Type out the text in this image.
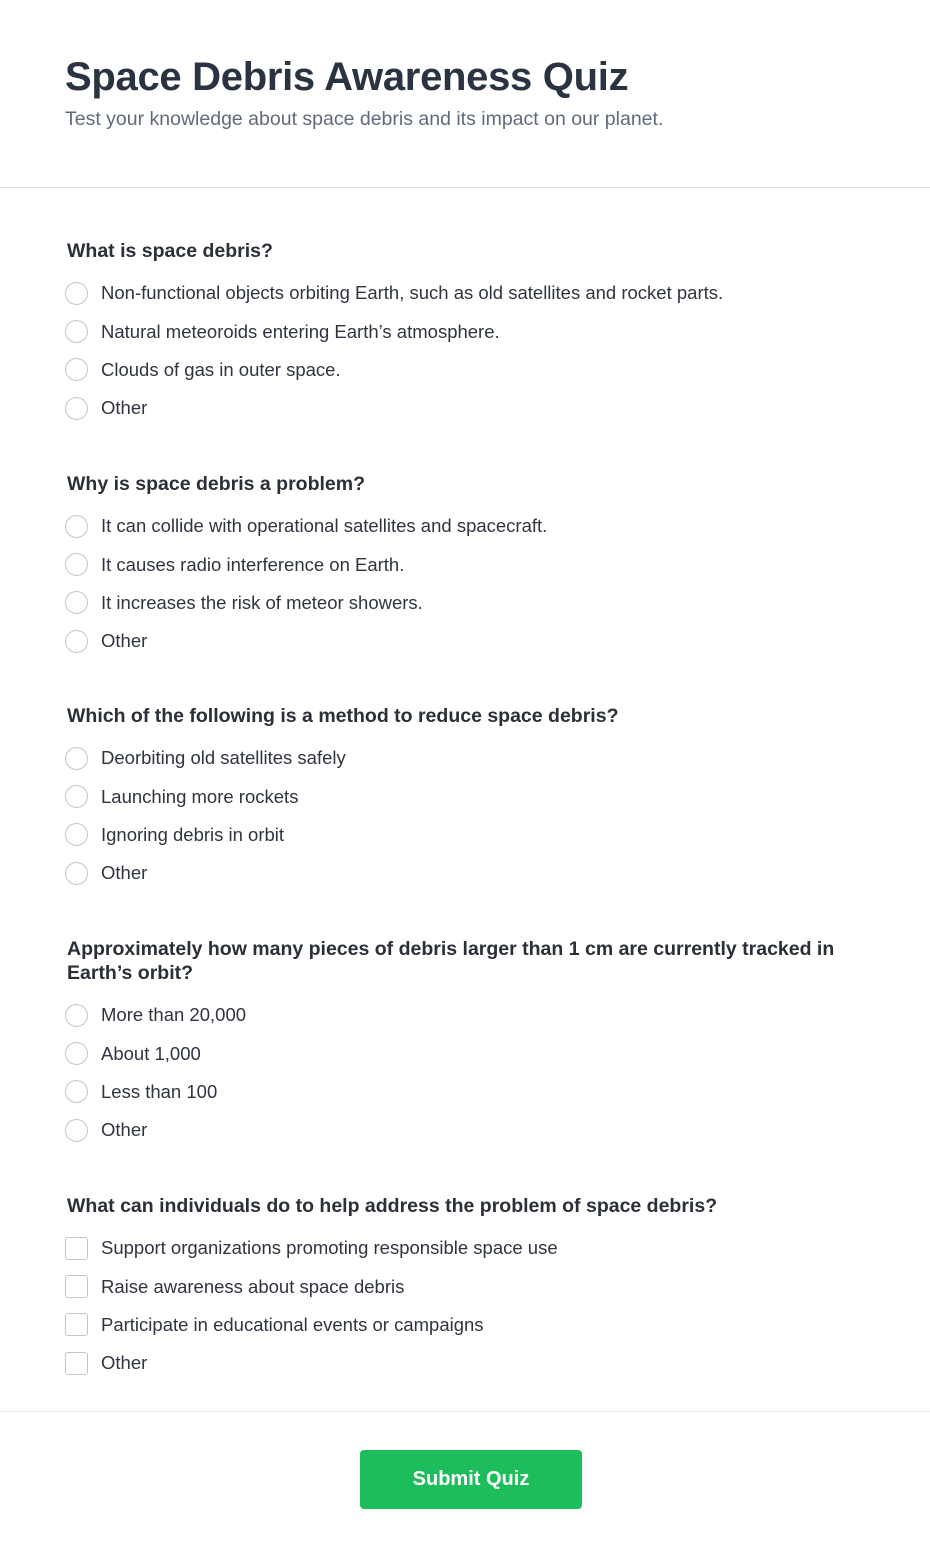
Space Debris Awareness Quiz
Test your knowledge about space debris and its impact on our planet.
What is space debris?
Non-functional objects orbiting Earth, such as old satellites and rocket parts.
Natural meteoroids entering Earth’s atmosphere.
Clouds of gas in outer space.
Other
Why is space debris a problem?
It can collide with operational satellites and spacecraft.
It causes radio interference on Earth.
It increases the risk of meteor showers.
Other
Which of the following is a method to reduce space debris?
Deorbiting old satellites safely
Launching more rockets
Ignoring debris in orbit
Other
Approximately how many pieces of debris larger than 1 cm are currently tracked in Earth’s orbit?
More than 20,000
About 1,000
Less than 100
Other
What can individuals do to help address the problem of space debris?
Support organizations promoting responsible space use
Raise awareness about space debris
Participate in educational events or campaigns
Other
Submit Quiz
